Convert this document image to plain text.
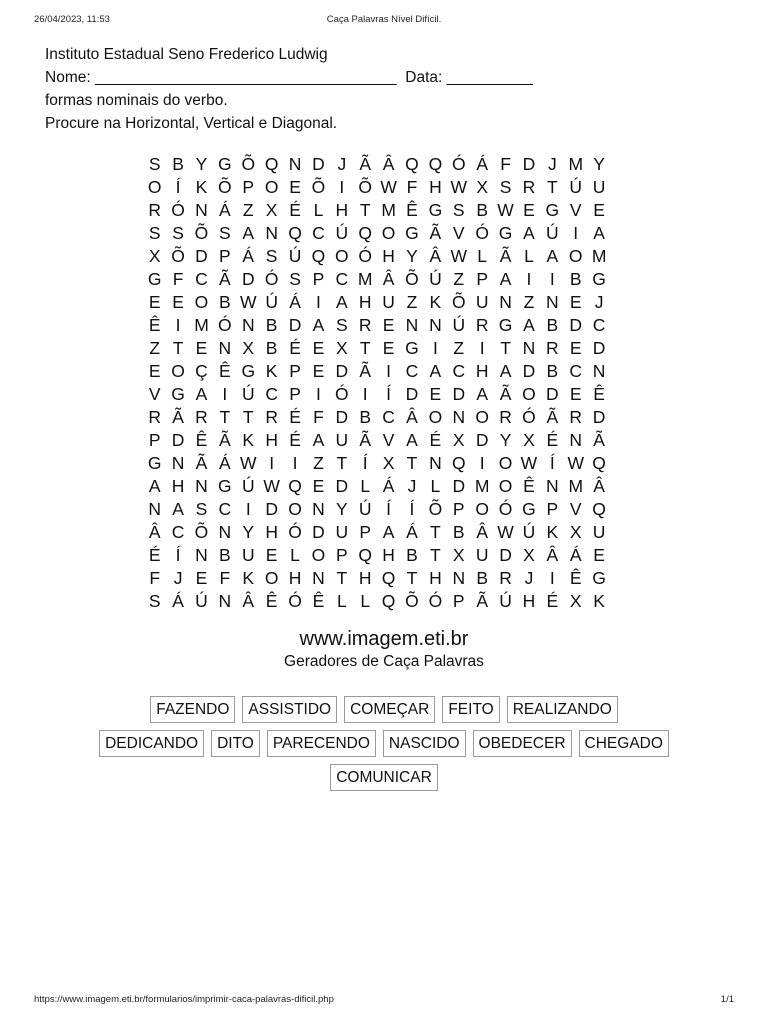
26/04/2023, 11:53	Caça Palavras Nível Difícil.
Instituto Estadual Seno Frederico Ludwig
Nome: ___________________________________  Data: __________
formas nominais do verbo.
Procure na Horizontal, Vertical e Diagonal.
S B Y G Õ Q N D J Ã Â Q Q Ó Á F D J M Y
O Í K Õ P O E Õ I Õ W F H W X S R T Ú U
R Ó N Á Z X É L H T M Ê G S B W E G V E
S S Õ S A N Q C Ú Q O G Ã V Ó G A Ú I A
X Õ D P Á S Ú Q O Ó H Y Â W L Ã L A O M
G F C Ã D Ó S P C M Â Õ Ú Z P A I	I B G
E E O B W Ú Á I A H U Z K Õ U N Z N E J
Ê I M Ó N B D A S R E N N Ú R G A B D C
Z T E N X B É E X T E G I Z I T N R E D
E O Ç Ê G K P E D Ã I C A C H A D B C N
V G A I Ú C P I Ó I	Í D E D A Ã O D E Ê
R Ã R T T R É F D B C Â O N O R Ó Ã R D
P D Ê Ã K H É A U Ã V A É X D Y X É N Ã
G N Ã Á W I	I Z T Í X T N Q I O W Í W Q
A H N G Ú W Q E D L Á J L D M O Ê N M Â
N A S C I D O N Y Ú Í	Í Õ P O Ó G P V Q
Â C Õ N Y H Ó D U P A Á T B Â W Ú K X U
É Í N B U E L O P Q H B T X U D X Â Á E
F J E F K O H N T H Q T H N B R J I Ê G
S Á Ú N Â Ê Ó Ê L L Q Õ Ó P Ã Ú H É X K
www.imagem.eti.br
Geradores de Caça Palavras
FAZENDO	ASSISTIDO	COMEÇAR	FEITO	REALIZANDO
DEDICANDO	DITO	PARECENDO	NASCIDO	OBEDECER	CHEGADO
COMUNICAR
https://www.imagem.eti.br/formularios/imprimir-caca-palavras-dificil.php	1/1
